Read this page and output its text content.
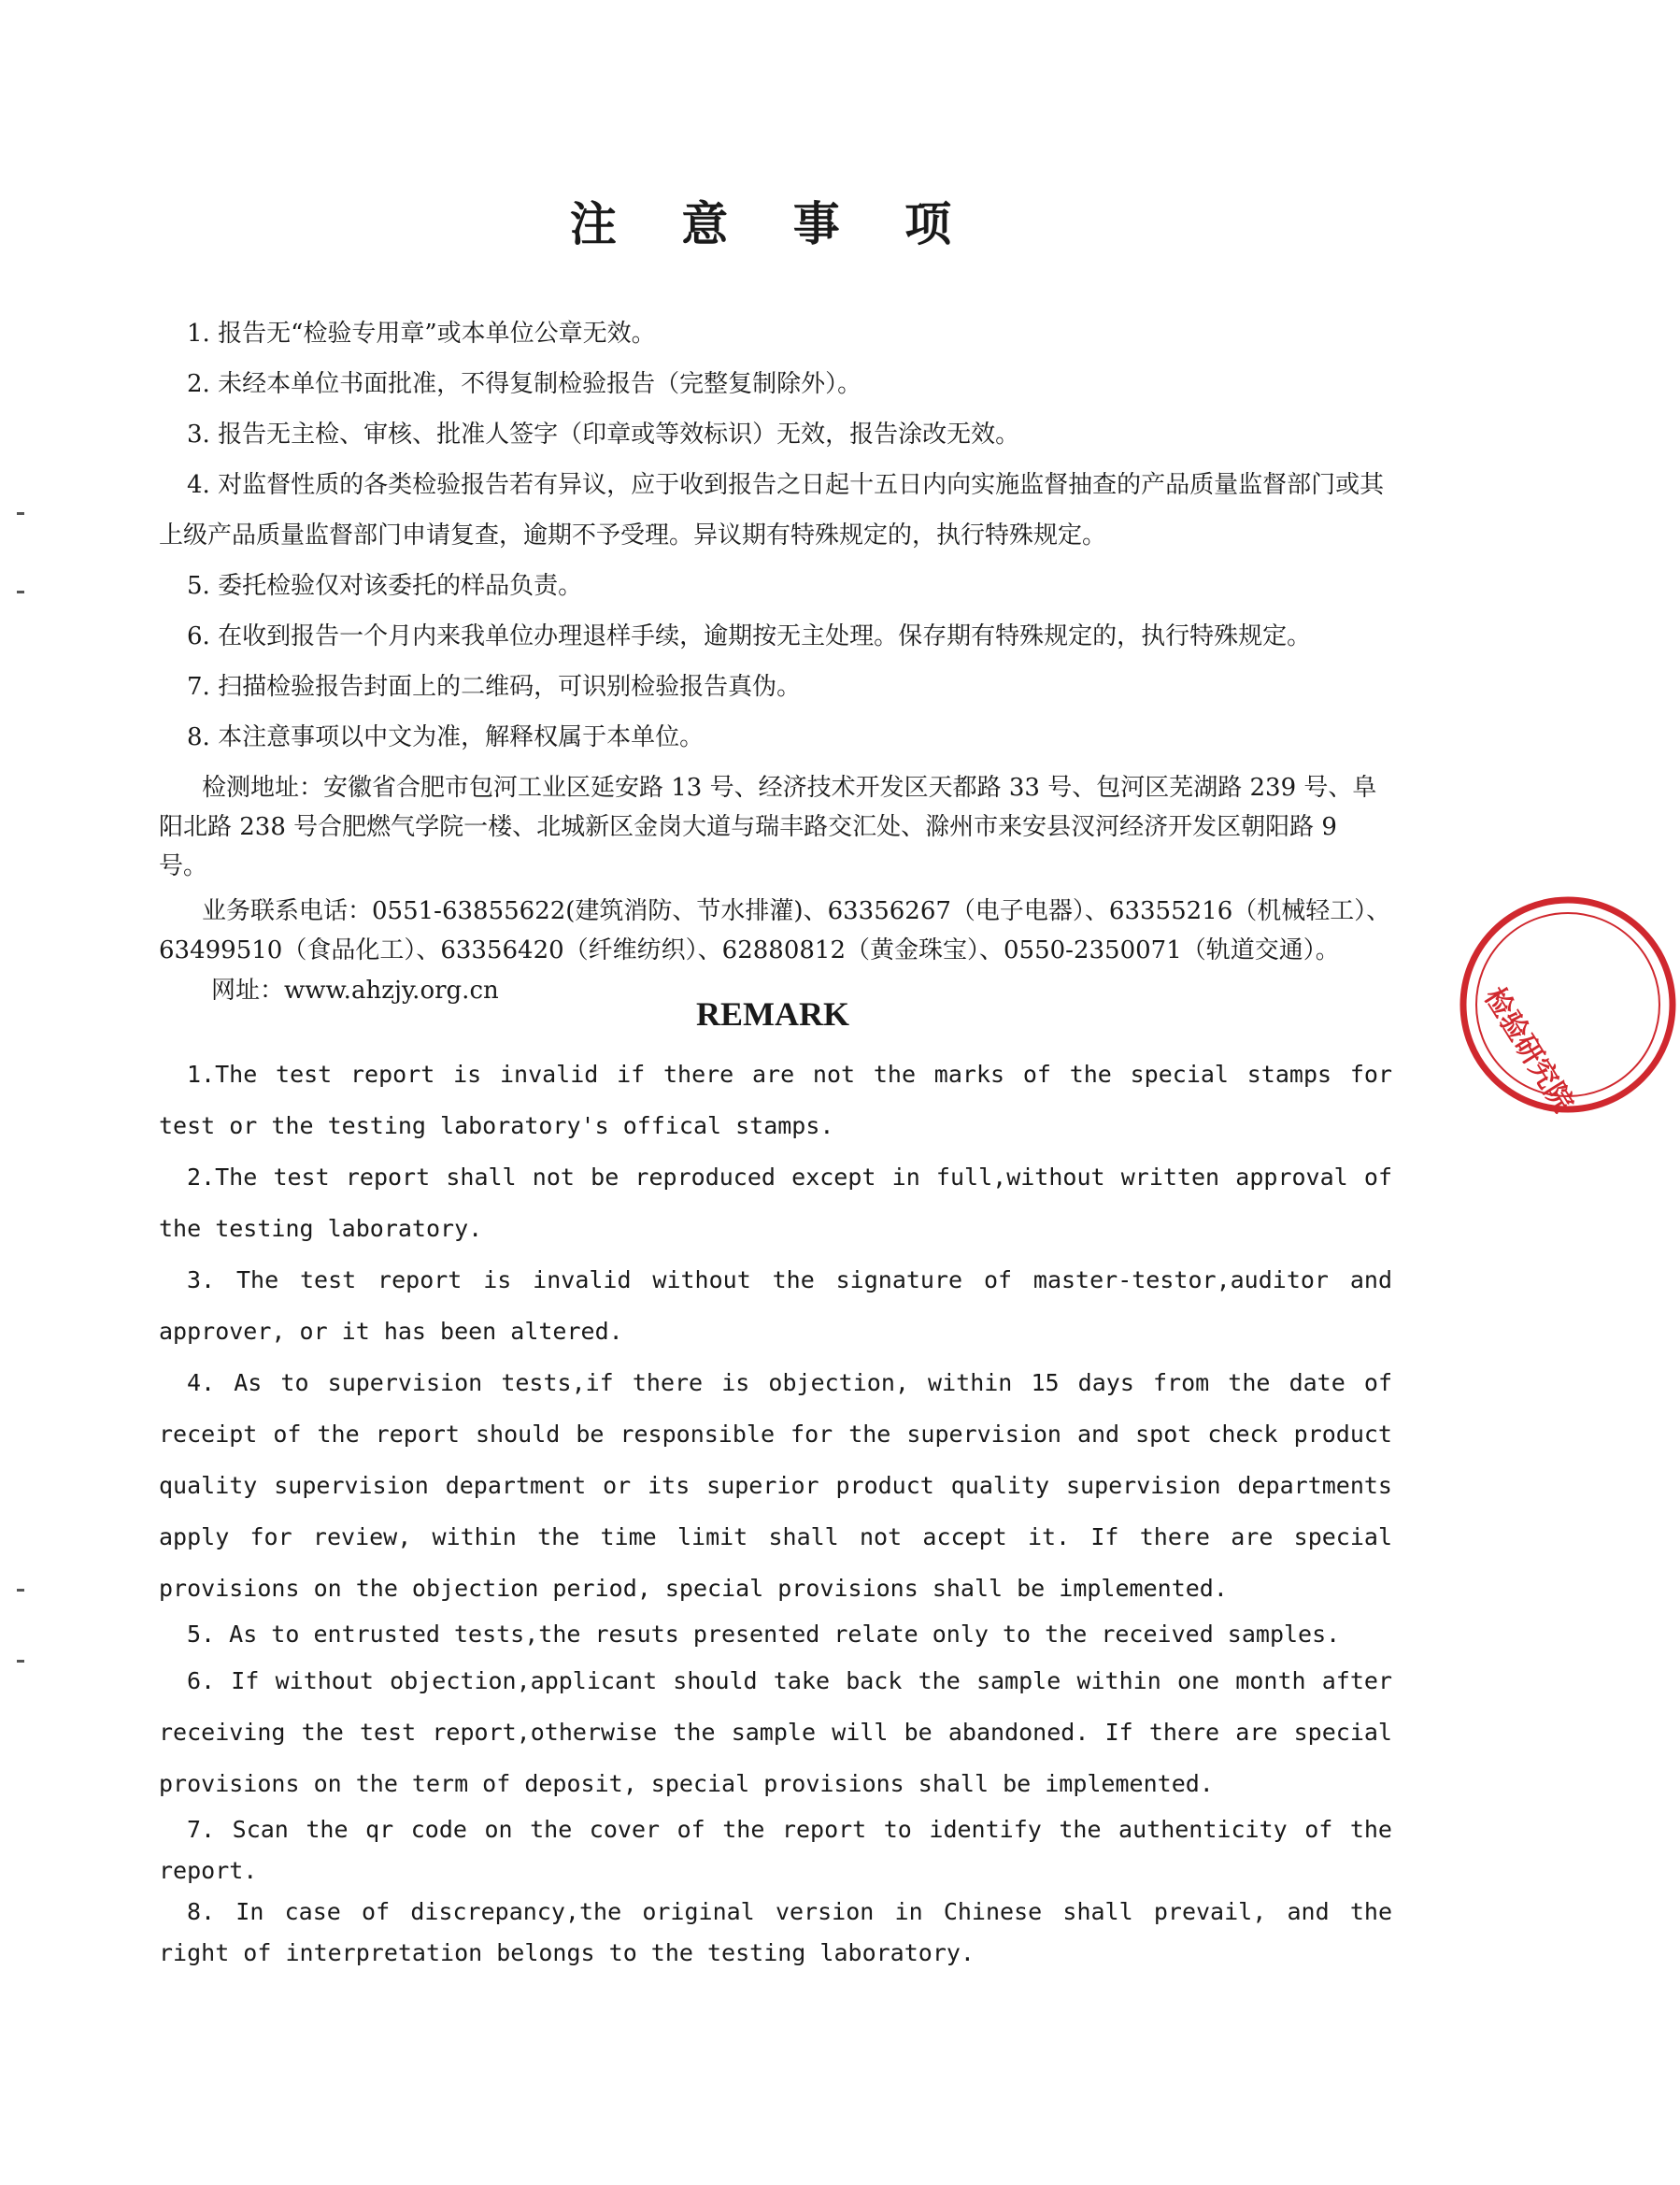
注 意 事 项

1. 报告无“检验专用章”或本单位公章无效。

2. 未经本单位书面批准，不得复制检验报告（完整复制除外）。

3. 报告无主检、审核、批准人签字（印章或等效标识）无效，报告涂改无效。

4. 对监督性质的各类检验报告若有异议，应于收到报告之日起十五日内向实施监督抽查的产品质量监督部门或其上级产品质量监督部门申请复查，逾期不予受理。异议期有特殊规定的，执行特殊规定。

5. 委托检验仅对该委托的样品负责。

6. 在收到报告一个月内来我单位办理退样手续，逾期按无主处理。保存期有特殊规定的，执行特殊规定。

7. 扫描检验报告封面上的二维码，可识别检验报告真伪。

8. 本注意事项以中文为准，解释权属于本单位。

检测地址：安徽省合肥市包河工业区延安路 13 号、经济技术开发区天都路 33 号、包河区芜湖路 239 号、阜阳北路 238 号合肥燃气学院一楼、北城新区金岗大道与瑞丰路交汇处、滁州市来安县汊河经济开发区朝阳路 9 号。

业务联系电话：0551-63855622(建筑消防、节水排灌)、63356267（电子电器）、63355216（机械轻工）、63499510（食品化工）、63356420（纤维纺织）、62880812（黄金珠宝）、0550-2350071（轨道交通）。

网址：www.ahzjy.org.cn

REMARK

1.The test report is invalid if there are not the marks of the special stamps for test or the testing laboratory's offical stamps.

2.The test report shall not be reproduced except in full,without written approval of the testing laboratory.

3. The test report is invalid without the signature of master-testor,auditor and approver, or it has been altered.

4. As to supervision tests,if there is objection, within 15 days from the date of receipt of the report should be responsible for the supervision and spot check product quality supervision department or its superior product quality supervision departments apply for review, within the time limit shall not accept it. If there are special provisions on the objection period, special provisions shall be implemented.

5. As to entrusted tests,the resuts presented relate only to the received samples.

6. If without objection,applicant should take back the sample within one month after receiving the test report,otherwise the sample will be abandoned. If there are special provisions on the term of deposit, special provisions shall be implemented.

7. Scan the qr code on the cover of the report to identify the authenticity of the report.

8. In case of discrepancy,the original version in Chinese shall prevail, and the right of interpretation belongs to the testing laboratory.

检验研究院
